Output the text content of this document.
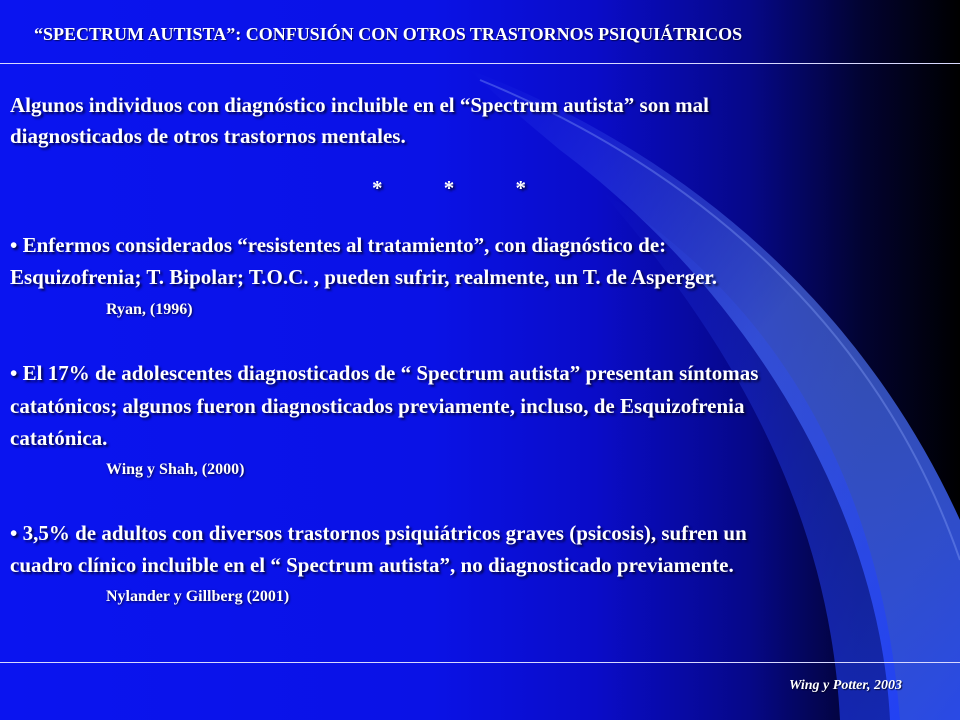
“SPECTRUM AUTISTA”: CONFUSIÓN CON OTROS TRASTORNOS PSIQUIÁTRICOS
Algunos individuos con diagnóstico incluible en el “Spectrum autista” son mal
diagnosticados de otros trastornos mentales.
* * *
• Enfermos considerados “resistentes al tratamiento”, con diagnóstico de:
Esquizofrenia; T. Bipolar; T.O.C. , pueden sufrir, realmente, un T. de Asperger.
Ryan, (1996)
• El 17% de adolescentes diagnosticados de “ Spectrum autista” presentan síntomas
catatónicos; algunos fueron diagnosticados previamente, incluso, de Esquizofrenia
catatónica.
Wing y Shah, (2000)
• 3,5% de adultos con diversos trastornos psiquiátricos graves (psicosis), sufren un
cuadro clínico incluible en el “ Spectrum autista”, no diagnosticado previamente.
Nylander y Gillberg (2001)
Wing y Potter, 2003
